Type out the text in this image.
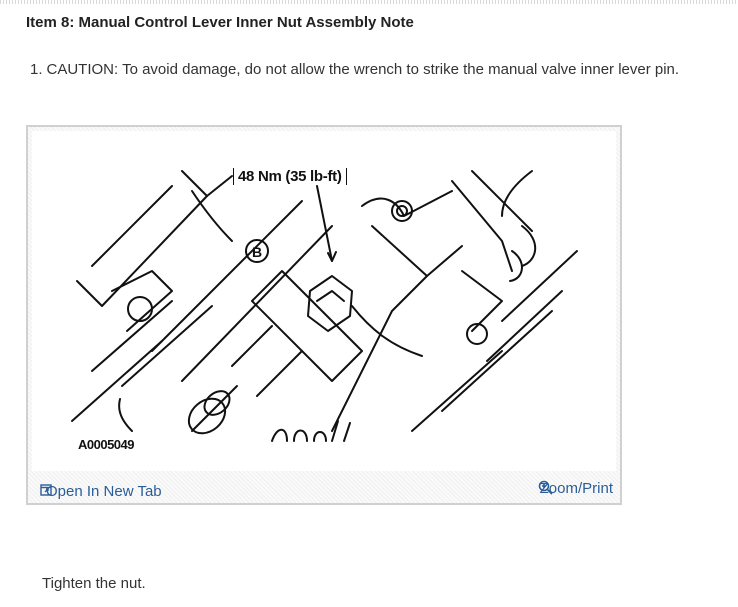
Item 8: Manual Control Lever Inner Nut Assembly Note
1. CAUTION: To avoid damage, do not allow the wrench to strike the manual valve inner lever pin.
B
48 Nm (35 lb-ft)
A0005049
Open In New Tab	Zoom/Print
Tighten the nut.
